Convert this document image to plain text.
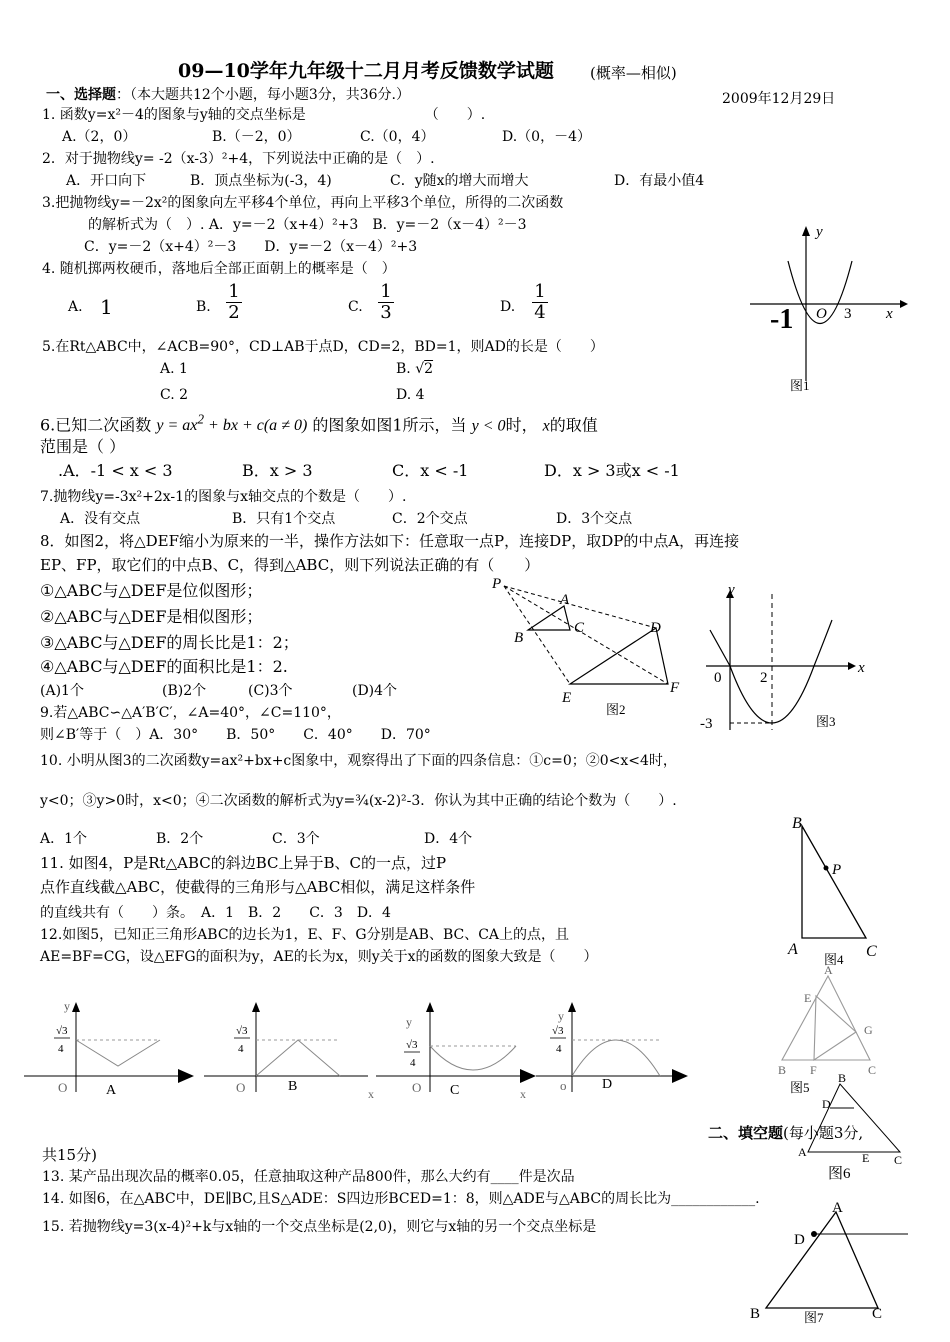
09—10学年九年级十二月月考反馈数学试题 (概率—相似)
一、选择题：（本大题共12个小题，每小题3分，共36分.）	2009年12月29日
1. 函数y=x²－4的图象与y轴的交点坐标是　　　　　　　　　（　　）.
A.（2，0）	B.（－2，0）	C.（0，4）	D.（0，－4）
2．对于抛物线y= -2（x-3）²+4，下列说法中正确的是（　）.
A．开口向下	B．顶点坐标为(-3，4)	C．y随x的增大而增大	D．有最小值4
3.把抛物线y=－2x²的图象向左平移4个单位，再向上平移3个单位，所得的二次函数
的解析式为（　）. A．y=－2（x+4）²+3　B．y=－2（x－4）²－3
C．y=－2（x+4）²－3　　D．y=－2（x－4）²+3
4. 随机掷两枚硬币，落地后全部正面朝上的概率是（　）
A. 1	B. $\frac{1}{2}$	C. $\frac{1}{3}$	D. $\frac{1}{4}$
y
x
O 3
-1
图1
5.在Rt△ABC中，∠ACB=90°，CD⊥AB于点D，CD=2，BD=1，则AD的长是（　　）
A. 1	B. √2
C. 2	D. 4
6.已知二次函数 $y = ax^2$ + bx + c(a ≠ 0) 的图象如图1所示，当 y < 0时， x的取值
范围是（ ）
.A．-1 < x < 3	B．x > 3	C．x < -1	D．x > 3或x < -1
7.抛物线y=-3x²+2x-1的图象与x轴交点的个数是（　　）.
A．没有交点	B．只有1个交点	C．2个交点	D．3个交点
8．如图2，将△DEF缩小为原来的一半，操作方法如下：任意取一点P，连接DP，取DP的中点A，再连接
EP、FP，取它们的中点B、C，得到△ABC，则下列说法正确的有（　　）
①△ABC与△DEF是位似图形；
②△ABC与△DEF是相似图形；
③△ABC与△DEF的周长比是1：2；
④△ABC与△DEF的面积比是1：2.
(A)1个	(B)2个	(C)3个	(D)4个
P
A
B
C	D
E
F
图2
y
x
0	2
-3	图3
9.若△ABC∽△A′B′C′，∠A=40°，∠C=110°，
则∠B′等于（　）A．30°　　B．50°　　C．40°　　D．70°
10. 小明从图3的二次函数y=ax²+bx+c图象中，观察得出了下面的四条信息：①c=0；②0<x<4时，
y<0；③y>0时，x<0；④二次函数的解析式为y=¾(x-2)²-3．你认为其中正确的结论个数为（　　）.
A．1个	B．2个	C．3个	D．4个
B
P
A	C
图4
11. 如图4，P是Rt△ABC的斜边BC上异于B、C的一点，过P
点作直线截△ABC，使截得的三角形与△ABC相似，满足这样条件
的直线共有（　　）条。　A．1　B．2　　C．3　D．4
12.如图5，已知正三角形ABC的边长为1，E、F、G分别是AB、BC、CA上的点，且
AE=BF=CG，设△EFG的面积为y，AE的长为x，则y关于x的函数的图象大致是（　　）
A
E
G
B F	C
图5
y
√3
4
O	A
√3
4
O	x
B
y
√3
4
O	x
C
y
√3
4
o	D	B
D
A	E C
图6
二、填空题(每小题3分,
共15分)
13. 某产品出现次品的概率0.05，任意抽取这种产品800件，那么大约有____件是次品
14. 如图6，在△ABC中，DE∥BC,且S△ADE：S四边形BCED=1：8，则△ADE与△ABC的周长比为____________.
15. 若抛物线y=3(x-4)²+k与x轴的一个交点坐标是(2,0)，则它与x轴的另一个交点坐标是
A
D
B	C
图7
